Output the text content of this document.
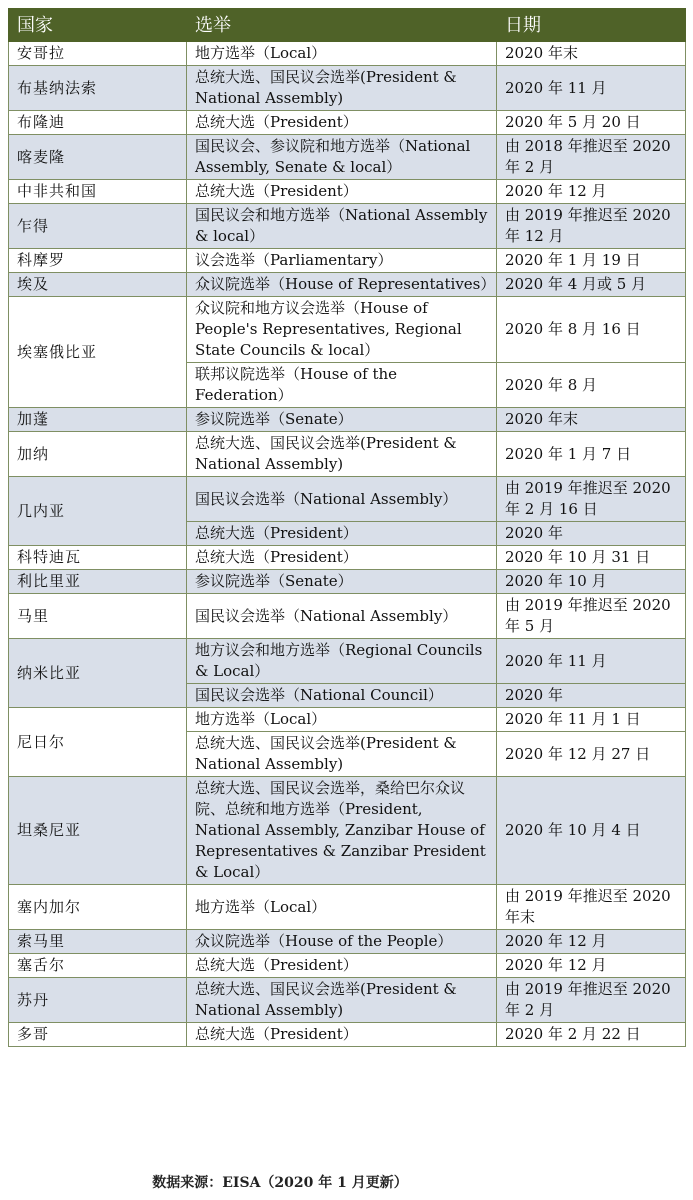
国家	选举	日期
安哥拉	地方选举（Local）	2020 年末
布基纳法索	总统大选、国民议会选举(President & National Assembly)	2020 年 11 月
布隆迪	总统大选（President）	2020 年 5 月 20 日
喀麦隆	国民议会、参议院和地方选举（National Assembly, Senate & local）	由 2018 年推迟至 2020 年 2 月
中非共和国	总统大选（President）	2020 年 12 月
乍得	国民议会和地方选举（National Assembly & local）	由 2019 年推迟至 2020 年 12 月
科摩罗	议会选举（Parliamentary）	2020 年 1 月 19 日
埃及	众议院选举（House of Representatives）	2020 年 4 月或 5 月
埃塞俄比亚	众议院和地方议会选举（House of People's Representatives, Regional State Councils & local）	2020 年 8 月 16 日
	联邦议院选举（House of the Federation）	2020 年 8 月
加蓬	参议院选举（Senate）	2020 年末
加纳	总统大选、国民议会选举(President & National Assembly)	2020 年 1 月 7 日
几内亚	国民议会选举（National Assembly）	由 2019 年推迟至 2020 年 2 月 16 日
	总统大选（President）	2020 年
科特迪瓦	总统大选（President）	2020 年 10 月 31 日
利比里亚	参议院选举（Senate）	2020 年 10 月
马里	国民议会选举（National Assembly）	由 2019 年推迟至 2020 年 5 月
纳米比亚	地方议会和地方选举（Regional Councils & Local）	2020 年 11 月
	国民议会选举（National Council）	2020 年
尼日尔	地方选举（Local）	2020 年 11 月 1 日
	总统大选、国民议会选举(President & National Assembly)	2020 年 12 月 27 日
坦桑尼亚	总统大选、国民议会选举，桑给巴尔众议院、总统和地方选举（President, National Assembly, Zanzibar House of Representatives & Zanzibar President & Local）	2020 年 10 月 4 日
塞内加尔	地方选举（Local）	由 2019 年推迟至 2020 年末
索马里	众议院选举（House of the People）	2020 年 12 月
塞舌尔	总统大选（President）	2020 年 12 月
苏丹	总统大选、国民议会选举(President & National Assembly)	由 2019 年推迟至 2020 年 2 月
多哥	总统大选（President）	2020 年 2 月 22 日
数据来源：EISA（2020 年 1 月更新）
